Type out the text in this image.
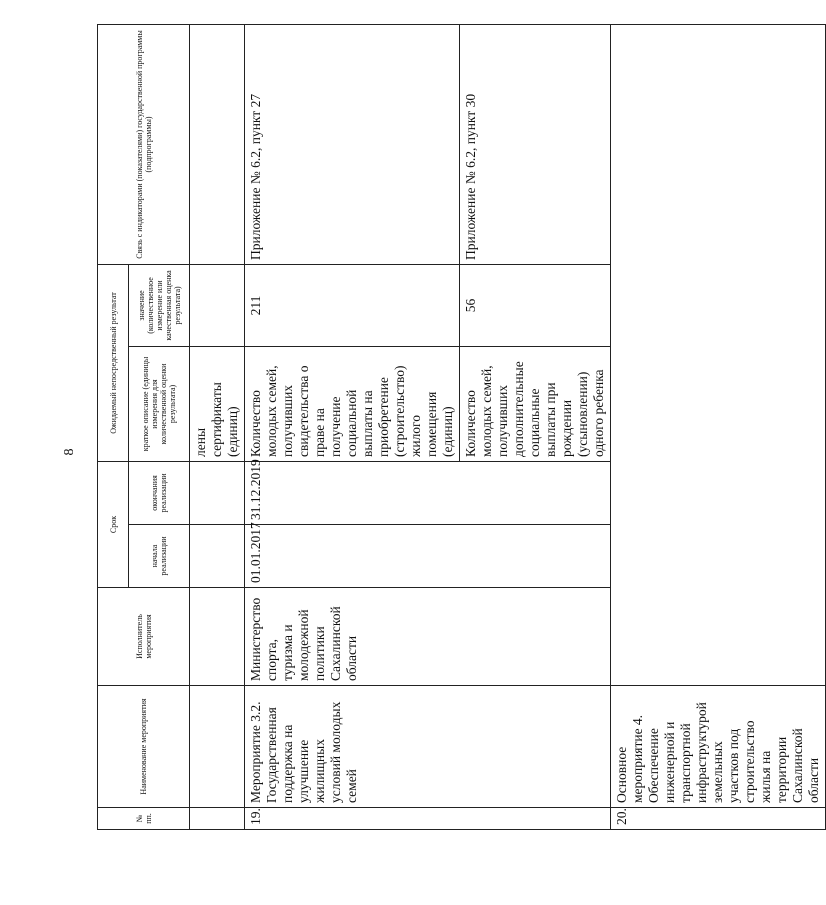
8
№ пп.	Наименование мероприятия	Исполнитель мероприятия	Срок		Ожидаемый непосредственный результат		Связь с индикаторами (показателями) государственной программы (подпрограммы)
			начала реализации	окончания реализации	краткое описание (единицы измерения для количественной оценки результата)	значение (количественное измерение или качественная оценка результата)	
					лены сертификаты (единиц)		
19.	Мероприятие 3.2. Государственная поддержка на улучшение жилищных условий молодых семей	Министерство спорта, туризма и молодежной политики Сахалинской области	01.01.2017	31.12.2019	Количество молодых семей, получивших свидетельства о праве на получение социальной выплаты на приобретение (строительство) жилого помещения (единиц)	211	Приложение № 6.2, пункт 27
					Количество молодых семей, получивших дополнительные социальные выплаты при рождении (усыновлении) одного ребенка	56	Приложение № 6.2, пункт 30
20.	Основное мероприятие 4. Обеспечение инженерной и транспортной инфраструктурой земельных участков под строительство жилья на территории Сахалинской области						
